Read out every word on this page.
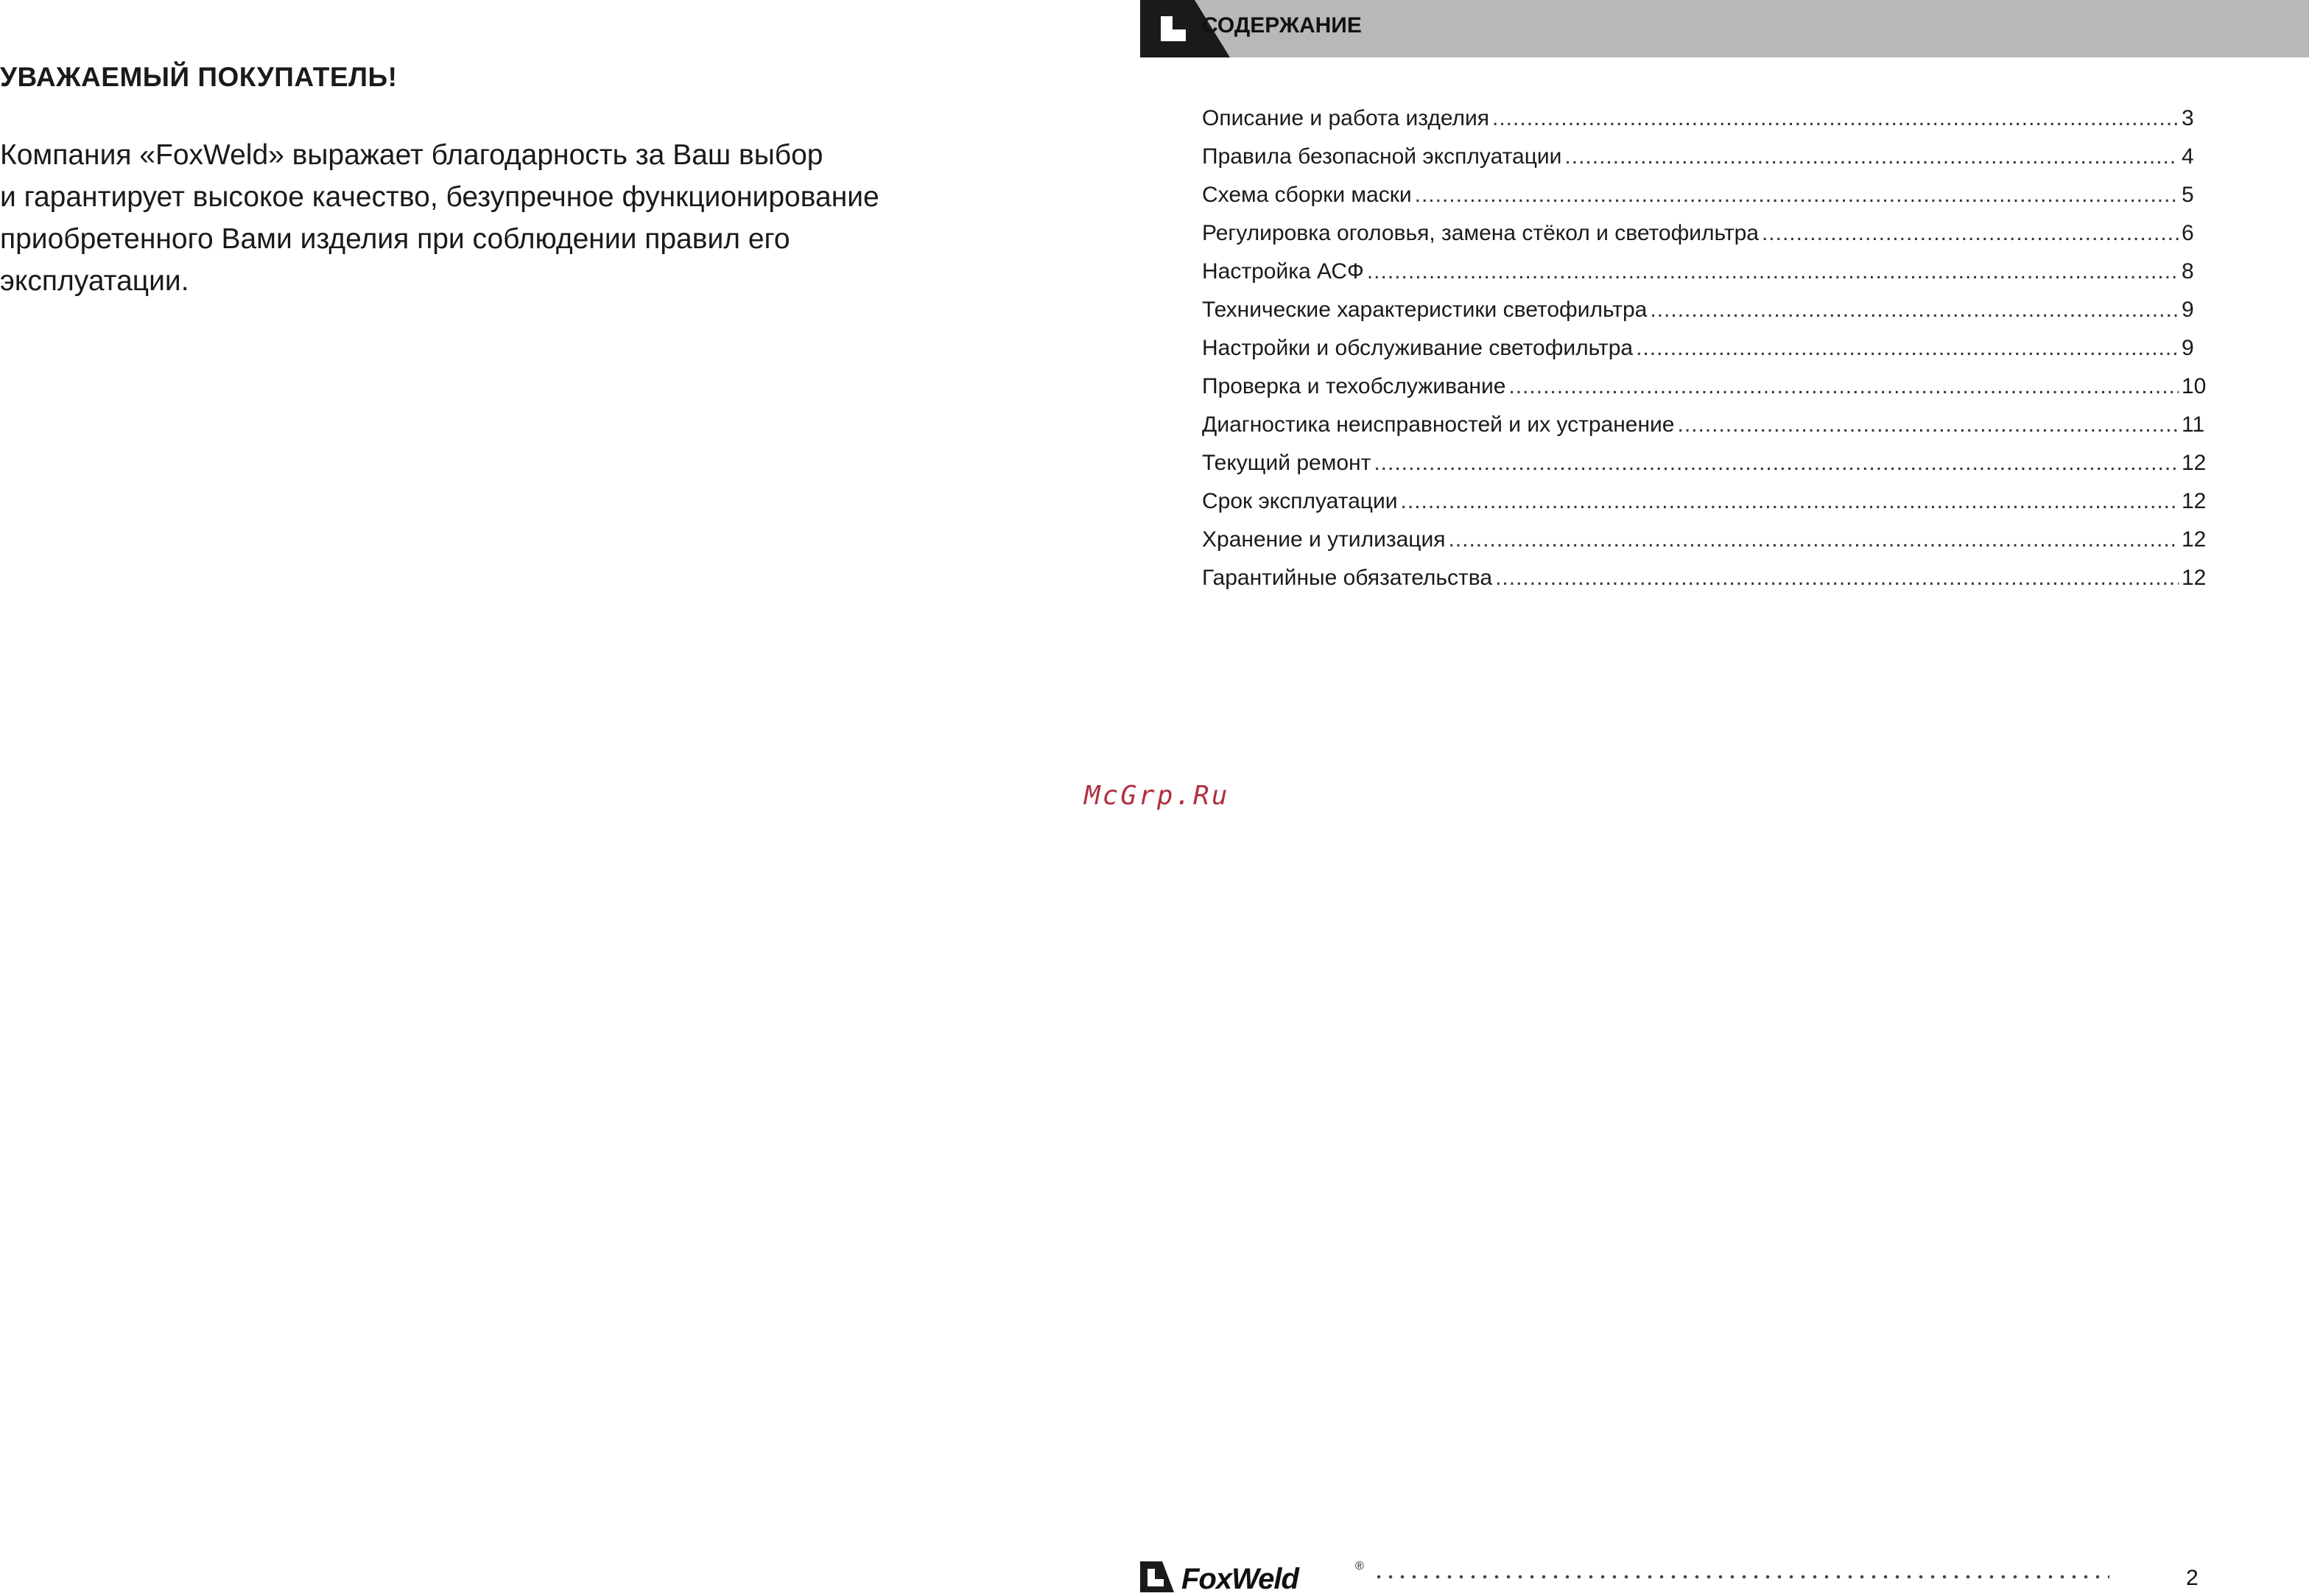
УВАЖАЕМЫЙ ПОКУПАТЕЛЬ!

Компания «FoxWeld» выражает благодарность за Ваш выбор
и гарантирует высокое качество, безупречное функционирование
приобретенного Вами изделия при соблюдении правил его
эксплуатации.

СОДЕРЖАНИЕ
Описание и работа изделия .....	3
Правила безопасной эксплуатации .....	4
Схема сборки маски .....	5
Регулировка оголовья, замена стёкол и светофильтра .....	6
Настройка АСФ .....	8
Технические характеристики светофильтра .....	9
Настройки и обслуживание светофильтра .....	9
Проверка и техобслуживание .....	10
Диагностика неисправностей и их устранение .....	11
Текущий ремонт .....	12
Срок эксплуатации .....	12
Хранение и утилизация .....	12
Гарантийные обязательства .....	12
McGrp.Ru
FoxWeld	®	2
